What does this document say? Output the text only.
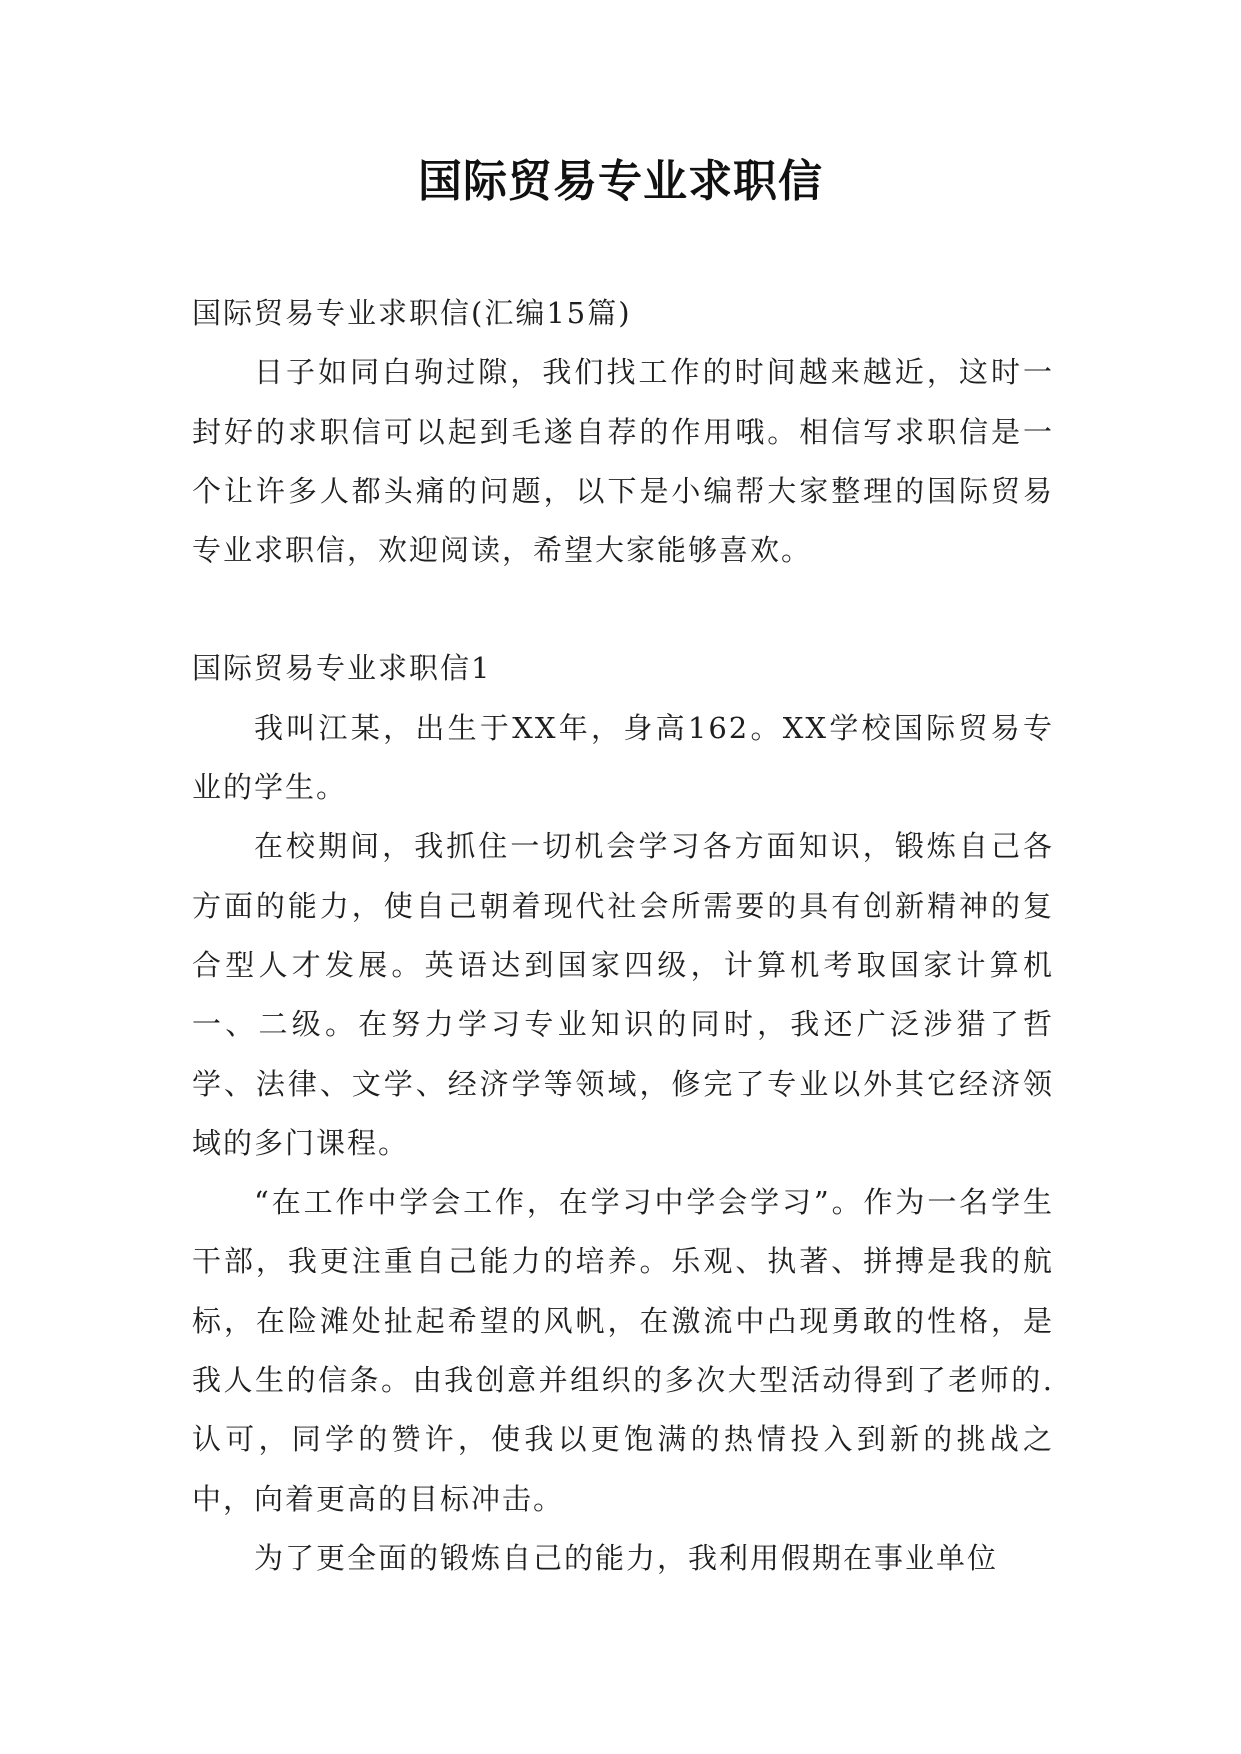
国际贸易专业求职信

国际贸易专业求职信(汇编15篇)

日子如同白驹过隙，我们找工作的时间越来越近，这时一封好的求职信可以起到毛遂自荐的作用哦。相信写求职信是一个让许多人都头痛的问题，以下是小编帮大家整理的国际贸易专业求职信，欢迎阅读，希望大家能够喜欢。

国际贸易专业求职信1

我叫江某，出生于XX年，身高162。XX学校国际贸易专业的学生。

在校期间，我抓住一切机会学习各方面知识，锻炼自己各方面的能力，使自己朝着现代社会所需要的具有创新精神的复合型人才发展。英语达到国家四级，计算机考取国家计算机一、二级。在努力学习专业知识的同时，我还广泛涉猎了哲学、法律、文学、经济学等领域，修完了专业以外其它经济领域的多门课程。

“在工作中学会工作，在学习中学会学习”。作为一名学生干部，我更注重自己能力的培养。乐观、执著、拼搏是我的航标，在险滩处扯起希望的风帆，在激流中凸现勇敢的性格，是我人生的信条。由我创意并组织的多次大型活动得到了老师的.认可，同学的赞许，使我以更饱满的热情投入到新的挑战之中，向着更高的目标冲击。

为了更全面的锻炼自己的能力，我利用假期在事业单位
